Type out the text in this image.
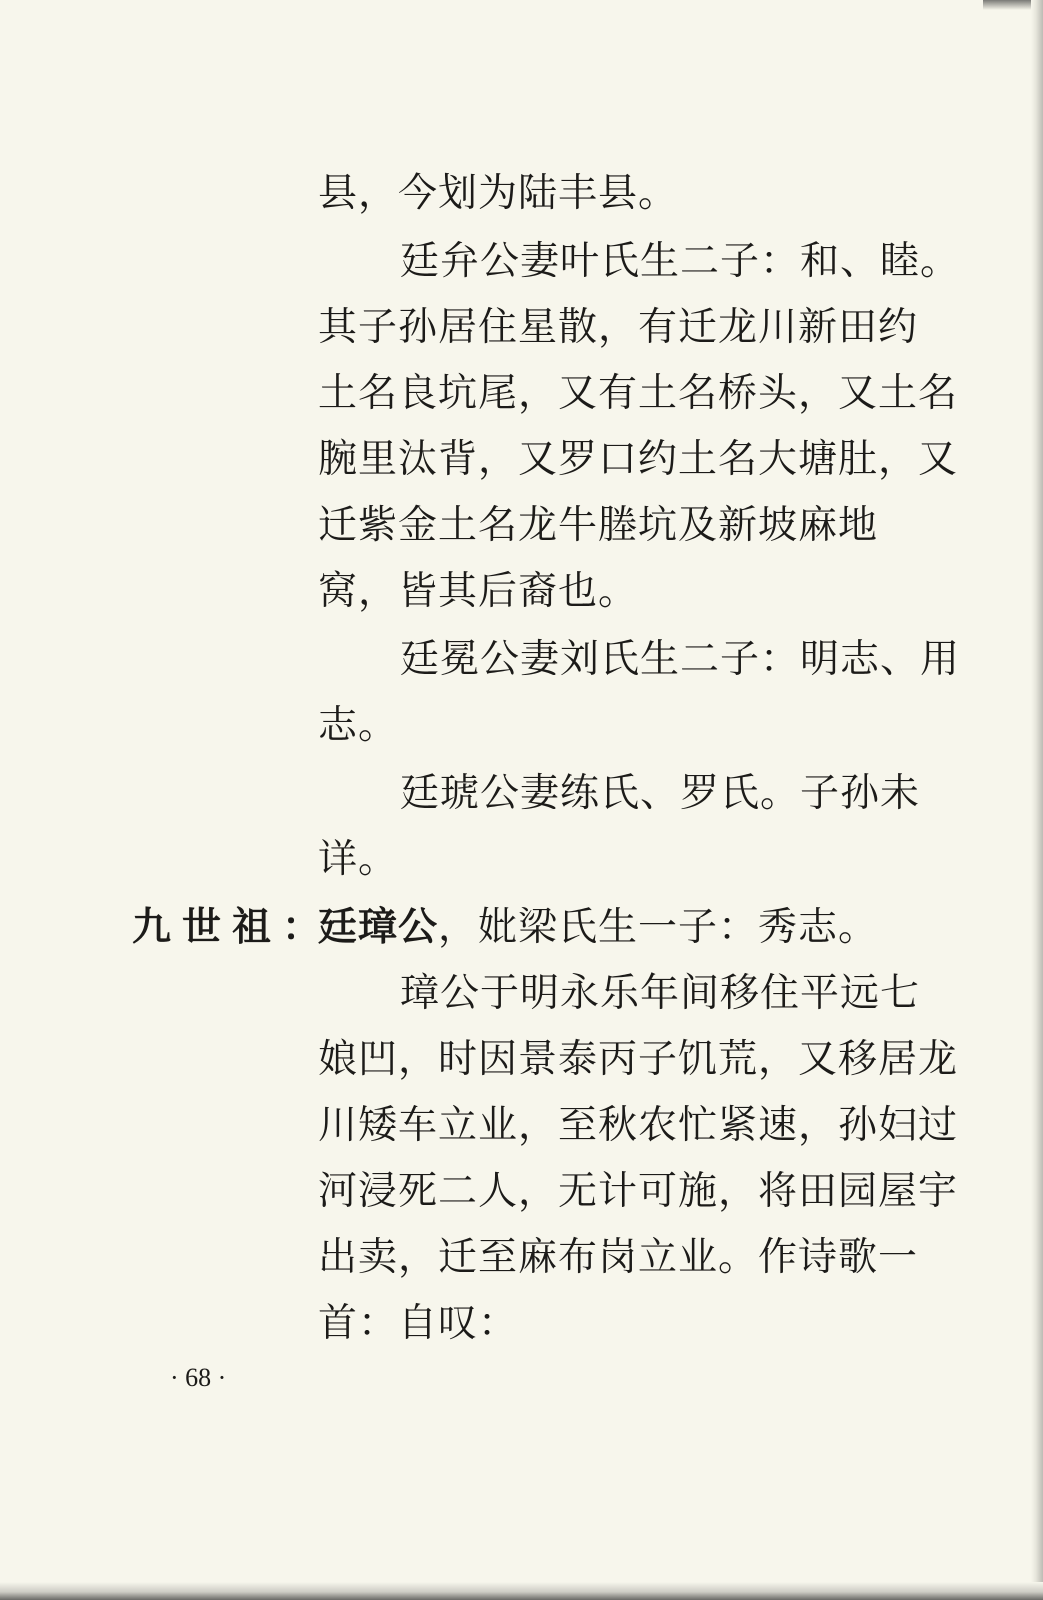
县，今划为陆丰县。

廷弁公妻叶氏生二子：和、睦。

其子孙居住星散，有迁龙川新田约

土名良坑尾，又有土名桥头，又土名

腕里汰背，又罗口约土名大塘肚，又

迁紫金土名龙牛塍坑及新坡麻地

窝，皆其后裔也。

廷冕公妻刘氏生二子：明志、用

志。

廷琥公妻练氏、罗氏。子孙未

详。

九世祖：

廷璋公，妣梁氏生一子：秀志。

璋公于明永乐年间移住平远七

娘凹，时因景泰丙子饥荒，又移居龙

川矮车立业，至秋农忙紧速，孙妇过

河浸死二人，无计可施，将田园屋宇

出卖，迁至麻布岗立业。作诗歌一

首：自叹：

· 68 ·
